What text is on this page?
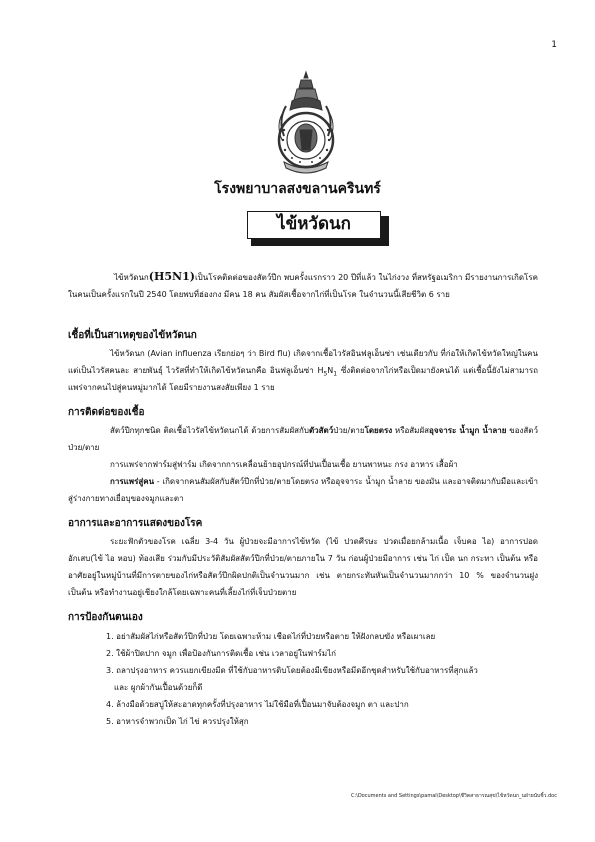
1
โรงพยาบาลสงขลานครินทร์
ไข้หวัดนก

ไข้หวัดนก(H5N1)เป็นโรคติดต่อของสัตว์ปีก พบครั้งแรกราว 20 ปีที่แล้ว ในไก่งวง ที่สหรัฐอเมริกา มีรายงานการเกิดโรคในคนเป็นครั้งแรกในปี 2540 โดยพบที่ฮ่องกง มีคน 18 คน สัมผัสเชื้อจากไก่ที่เป็นโรค ในจำนวนนี้เสียชีวิต 6 ราย

เชื้อที่เป็นสาเหตุของไข้หวัดนก

ไข้หวัดนก (Avian influenza เรียกย่อๆ ว่า Bird flu) เกิดจากเชื้อไวรัสอินฟลูเอ็นซ่า เช่นเดียวกับ ที่ก่อให้เกิดไข้หวัดใหญ่ในคน แต่เป็นไวรัสคนละ สายพันธุ์ ไวรัสที่ทำให้เกิดไข้หวัดนกคือ อินฟลูเอ็นซ่า $H_5N_1$ ซึ่งติดต่อจากไก่หรือเป็ดมายังคนได้ แต่เชื้อนี้ยังไม่สามารถแพร่จากคนไปสู่คนหมู่มากได้ โดยมีรายงานสงสัยเพียง 1 ราย

การติดต่อของเชื้อ

สัตว์ปีกทุกชนิด ติดเชื้อไวรัสไข้หวัดนกได้ ด้วยการสัมผัสกับตัวสัตว์ป่วย/ตายโดยตรง หรือสัมผัสอุจจาระ น้ำมูก น้ำลาย ของสัตว์ป่วย/ตาย

การแพร่จากฟาร์มสู่ฟาร์ม เกิดจากการเคลื่อนย้ายอุปกรณ์ที่ปนเปื้อนเชื้อ ยานพาหนะ กรง อาหาร เสื้อผ้า

การแพร่สู่คน - เกิดจากคนสัมผัสกับสัตว์ปีกที่ป่วย/ตายโดยตรง หรืออุจจาระ น้ำมูก น้ำลาย ของมัน และอาจติดมากับมือและเข้าสู่ร่างกายทางเยื่อบุของจมูกและตา

อาการและอาการแสดงของโรค

ระยะฟักตัวของโรค เฉลี่ย 3-4 วัน ผู้ป่วยจะมีอาการไข้หวัด (ไข้ ปวดศีรษะ ปวดเมื่อยกล้ามเนื้อ เจ็บคอ ไอ) อาการปอดอักเสบ(ไข้ ไอ หอบ) ท้องเสีย ร่วมกับมีประวัติสัมผัสสัตว์ปีกที่ป่วย/ตายภายใน 7 วัน ก่อนผู้ป่วยมีอาการ เช่น ไก่ เป็ด นก กระทา เป็นต้น หรือ อาศัยอยู่ในหมู่บ้านที่มีการตายของไก่หรือสัตว์ปีกผิดปกติเป็นจำนวนมาก เช่น ตายกระทันหันเป็นจำนวนมากกว่า 10 % ของจำนวนฝูง เป็นต้น หรือทำงานอยู่เชียงใกล้โดยเฉพาะคนที่เลี้ยงไก่ที่เจ็บป่วยตาย

การป้องกันตนเอง

1. อย่าสัมผัสไก่หรือสัตว์ปีกที่ป่วย โดยเฉพาะห้าม เชือดไก่ที่ป่วยหรือตาย ให้ฝังกลบฆัง หรือเผาเลย
2. ใช้ผ้าปิดปาก จมูก เพื่อป้องกันการติดเชื้อ เช่น เวลาอยู่ในฟาร์มไก่
3. ถลาปรุงอาหาร ควรแยกเขียงมีด ที่ใช้กับอาหารดิบโดยต้องมีเขียงหรือมีดอีกชุดสำหรับใช้กับอาหารที่สุกแล้ว
และ ผูกผ้ากันเปื้อนด้วยก็ดี
4. ล้างมือด้วยสบู่ให้สะอาดทุกครั้งที่ปรุงอาหาร ไม่ใช้มือที่เปื้อนมาจับต้องจมูก ตา และปาก
5. อาหารจำพวกเป็ด ไก่ ไข่ ควรปรุงให้สุก
C:\Documents and Settings\pamai\Desktop\ชีวิตสาธารณสุข\ไข้หวัดนก_นฝ่ายนับชิ้ว.doc
